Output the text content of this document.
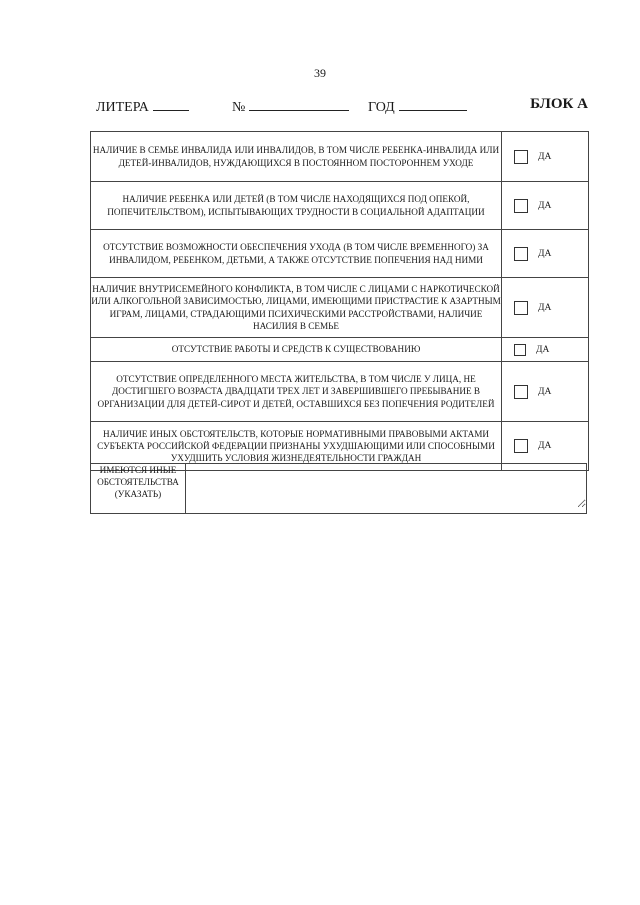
39
ЛИТЕРА	№	ГОД	БЛОК А
НАЛИЧИЕ В СЕМЬЕ ИНВАЛИДА ИЛИ ИНВАЛИДОВ, В ТОМ ЧИСЛЕ РЕБЕНКА-ИНВАЛИДА ИЛИ ДЕТЕЙ-ИНВАЛИДОВ, НУЖДАЮЩИХСЯ В ПОСТОЯННОМ ПОСТОРОННЕМ УХОДЕ	ДА

НАЛИЧИЕ РЕБЕНКА ИЛИ ДЕТЕЙ (В ТОМ ЧИСЛЕ НАХОДЯЩИХСЯ ПОД ОПЕКОЙ, ПОПЕЧИТЕЛЬСТВОМ), ИСПЫТЫВАЮЩИХ ТРУДНОСТИ В СОЦИАЛЬНОЙ АДАПТАЦИИ	ДА

ОТСУТСТВИЕ ВОЗМОЖНОСТИ ОБЕСПЕЧЕНИЯ УХОДА (В ТОМ ЧИСЛЕ ВРЕМЕННОГО) ЗА ИНВАЛИДОМ, РЕБЕНКОМ, ДЕТЬМИ, А ТАКЖЕ ОТСУТСТВИЕ ПОПЕЧЕНИЯ НАД НИМИ	ДА

НАЛИЧИЕ ВНУТРИСЕМЕЙНОГО КОНФЛИКТА, В ТОМ ЧИСЛЕ С ЛИЦАМИ С НАРКОТИЧЕСКОЙ ИЛИ АЛКОГОЛЬНОЙ ЗАВИСИМОСТЬЮ, ЛИЦАМИ, ИМЕЮЩИМИ ПРИСТРАСТИЕ К АЗАРТНЫМ ИГРАМ, ЛИЦАМИ, СТРАДАЮЩИМИ ПСИХИЧЕСКИМИ РАССТРОЙСТВАМИ, НАЛИЧИЕ НАСИЛИЯ В СЕМЬЕ	ДА

ОТСУТСТВИЕ РАБОТЫ И СРЕДСТВ К СУЩЕСТВОВАНИЮ	ДА

ОТСУТСТВИЕ ОПРЕДЕЛЕННОГО МЕСТА ЖИТЕЛЬСТВА, В ТОМ ЧИСЛЕ У ЛИЦА, НЕ ДОСТИГШЕГО ВОЗРАСТА ДВАДЦАТИ ТРЕХ ЛЕТ И ЗАВЕРШИВШЕГО ПРЕБЫВАНИЕ В ОРГАНИЗАЦИИ ДЛЯ ДЕТЕЙ-СИРОТ И ДЕТЕЙ, ОСТАВШИХСЯ БЕЗ ПОПЕЧЕНИЯ РОДИТЕЛЕЙ	ДА

НАЛИЧИЕ ИНЫХ ОБСТОЯТЕЛЬСТВ, КОТОРЫЕ НОРМАТИВНЫМИ ПРАВОВЫМИ АКТАМИ СУБЪЕКТА РОССИЙСКОЙ ФЕДЕРАЦИИ ПРИЗНАНЫ УХУДШАЮЩИМИ ИЛИ СПОСОБНЫМИ УХУДШИТЬ УСЛОВИЯ ЖИЗНЕДЕЯТЕЛЬНОСТИ ГРАЖДАН	ДА
ИМЕЮТСЯ ИНЫЕ ОБСТОЯТЕЛЬСТВА (УКАЗАТЬ)	
